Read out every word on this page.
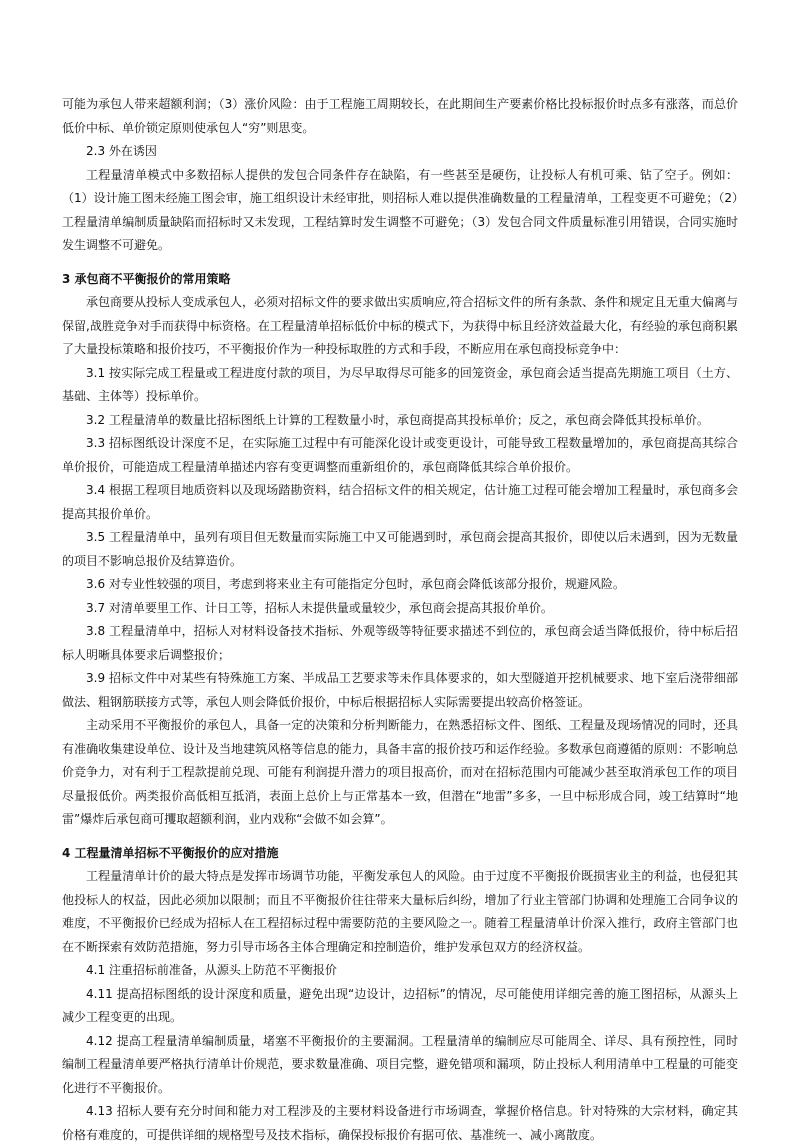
可能为承包人带来超额利润；（3）涨价风险：由于工程施工周期较长，在此期间生产要素价格比投标报价时点多有涨落，而总价低价中标、单价锁定原则使承包人“穷”则思变。

2.3 外在诱因

工程量清单模式中多数招标人提供的发包合同条件存在缺陷，有一些甚至是硬伤，让投标人有机可乘、钻了空子。例如：（1）设计施工图未经施工图会审，施工组织设计未经审批，则招标人难以提供准确数量的工程量清单，工程变更不可避免；（2）工程量清单编制质量缺陷而招标时又未发现，工程结算时发生调整不可避免；（3）发包合同文件质量标准引用错误，合同实施时发生调整不可避免。

3 承包商不平衡报价的常用策略

承包商要从投标人变成承包人，必须对招标文件的要求做出实质响应,符合招标文件的所有条款、条件和规定且无重大偏离与保留,战胜竞争对手而获得中标资格。在工程量清单招标低价中标的模式下，为获得中标且经济效益最大化，有经验的承包商积累了大量投标策略和报价技巧，不平衡报价作为一种投标取胜的方式和手段，不断应用在承包商投标竞争中：

3.1 按实际完成工程量或工程进度付款的项目，为尽早取得尽可能多的回笼资金，承包商会适当提高先期施工项目（土方、基础、主体等）投标单价。

3.2 工程量清单的数量比招标图纸上计算的工程数量小时，承包商提高其投标单价；反之，承包商会降低其投标单价。

3.3 招标图纸设计深度不足，在实际施工过程中有可能深化设计或变更设计，可能导致工程数量增加的，承包商提高其综合单价报价，可能造成工程量清单描述内容有变更调整而重新组价的，承包商降低其综合单价报价。

3.4 根据工程项目地质资料以及现场踏勘资料，结合招标文件的相关规定，估计施工过程可能会增加工程量时，承包商多会提高其报价单价。

3.5 工程量清单中，虽列有项目但无数量而实际施工中又可能遇到时，承包商会提高其报价，即使以后未遇到，因为无数量的项目不影响总报价及结算造价。

3.6 对专业性较强的项目，考虑到将来业主有可能指定分包时，承包商会降低该部分报价，规避风险。

3.7 对清单要里工作、计日工等，招标人未提供量或量较少，承包商会提高其报价单价。

3.8 工程量清单中，招标人对材料设备技术指标、外观等级等特征要求描述不到位的，承包商会适当降低报价，待中标后招标人明晰具体要求后调整报价；

3.9 招标文件中对某些有特殊施工方案、半成品工艺要求等未作具体要求的，如大型隧道开挖机械要求、地下室后浇带细部做法、粗钢筋联接方式等，承包人则会降低价报价，中标后根据招标人实际需要提出较高价格签证。

主动采用不平衡报价的承包人，具备一定的决策和分析判断能力，在熟悉招标文件、图纸、工程量及现场情况的同时，还具有准确收集建设单位、设计及当地建筑风格等信息的能力，具备丰富的报价技巧和运作经验。多数承包商遵循的原则：不影响总价竞争力，对有利于工程款提前兑现、可能有利润提升潜力的项目报高价，而对在招标范围内可能减少甚至取消承包工作的项目尽量报低价。两类报价高低相互抵消，表面上总价上与正常基本一致，但潜在“地雷”多多，一旦中标形成合同，竣工结算时“地雷”爆炸后承包商可攫取超额利润，业内戏称“会做不如会算”。

4 工程量清单招标不平衡报价的应对措施

工程量清单计价的最大特点是发挥市场调节功能，平衡发承包人的风险。由于过度不平衡报价既损害业主的利益，也侵犯其他投标人的权益，因此必须加以限制；而且不平衡报价往往带来大量标后纠纷，增加了行业主管部门协调和处理施工合同争议的难度，不平衡报价已经成为招标人在工程招标过程中需要防范的主要风险之一。随着工程量清单计价深入推行，政府主管部门也在不断探索有效防范措施，努力引导市场各主体合理确定和控制造价，维护发承包双方的经济权益。

4.1 注重招标前准备，从源头上防范不平衡报价

4.11 提高招标图纸的设计深度和质量，避免出现“边设计，边招标”的情况，尽可能使用详细完善的施工图招标，从源头上减少工程变更的出现。

4.12 提高工程量清单编制质量，堵塞不平衡报价的主要漏洞。工程量清单的编制应尽可能周全、详尽、具有预控性，同时编制工程量清单要严格执行清单计价规范，要求数量准确、项目完整，避免错项和漏项，防止投标人利用清单中工程量的可能变化进行不平衡报价。

4.13 招标人要有充分时间和能力对工程涉及的主要材料设备进行市场调查，掌握价格信息。针对特殊的大宗材料，确定其价格有难度的，可提供详细的规格型号及技术指标，确保投标报价有据可依、基准统一、减小离散度。
